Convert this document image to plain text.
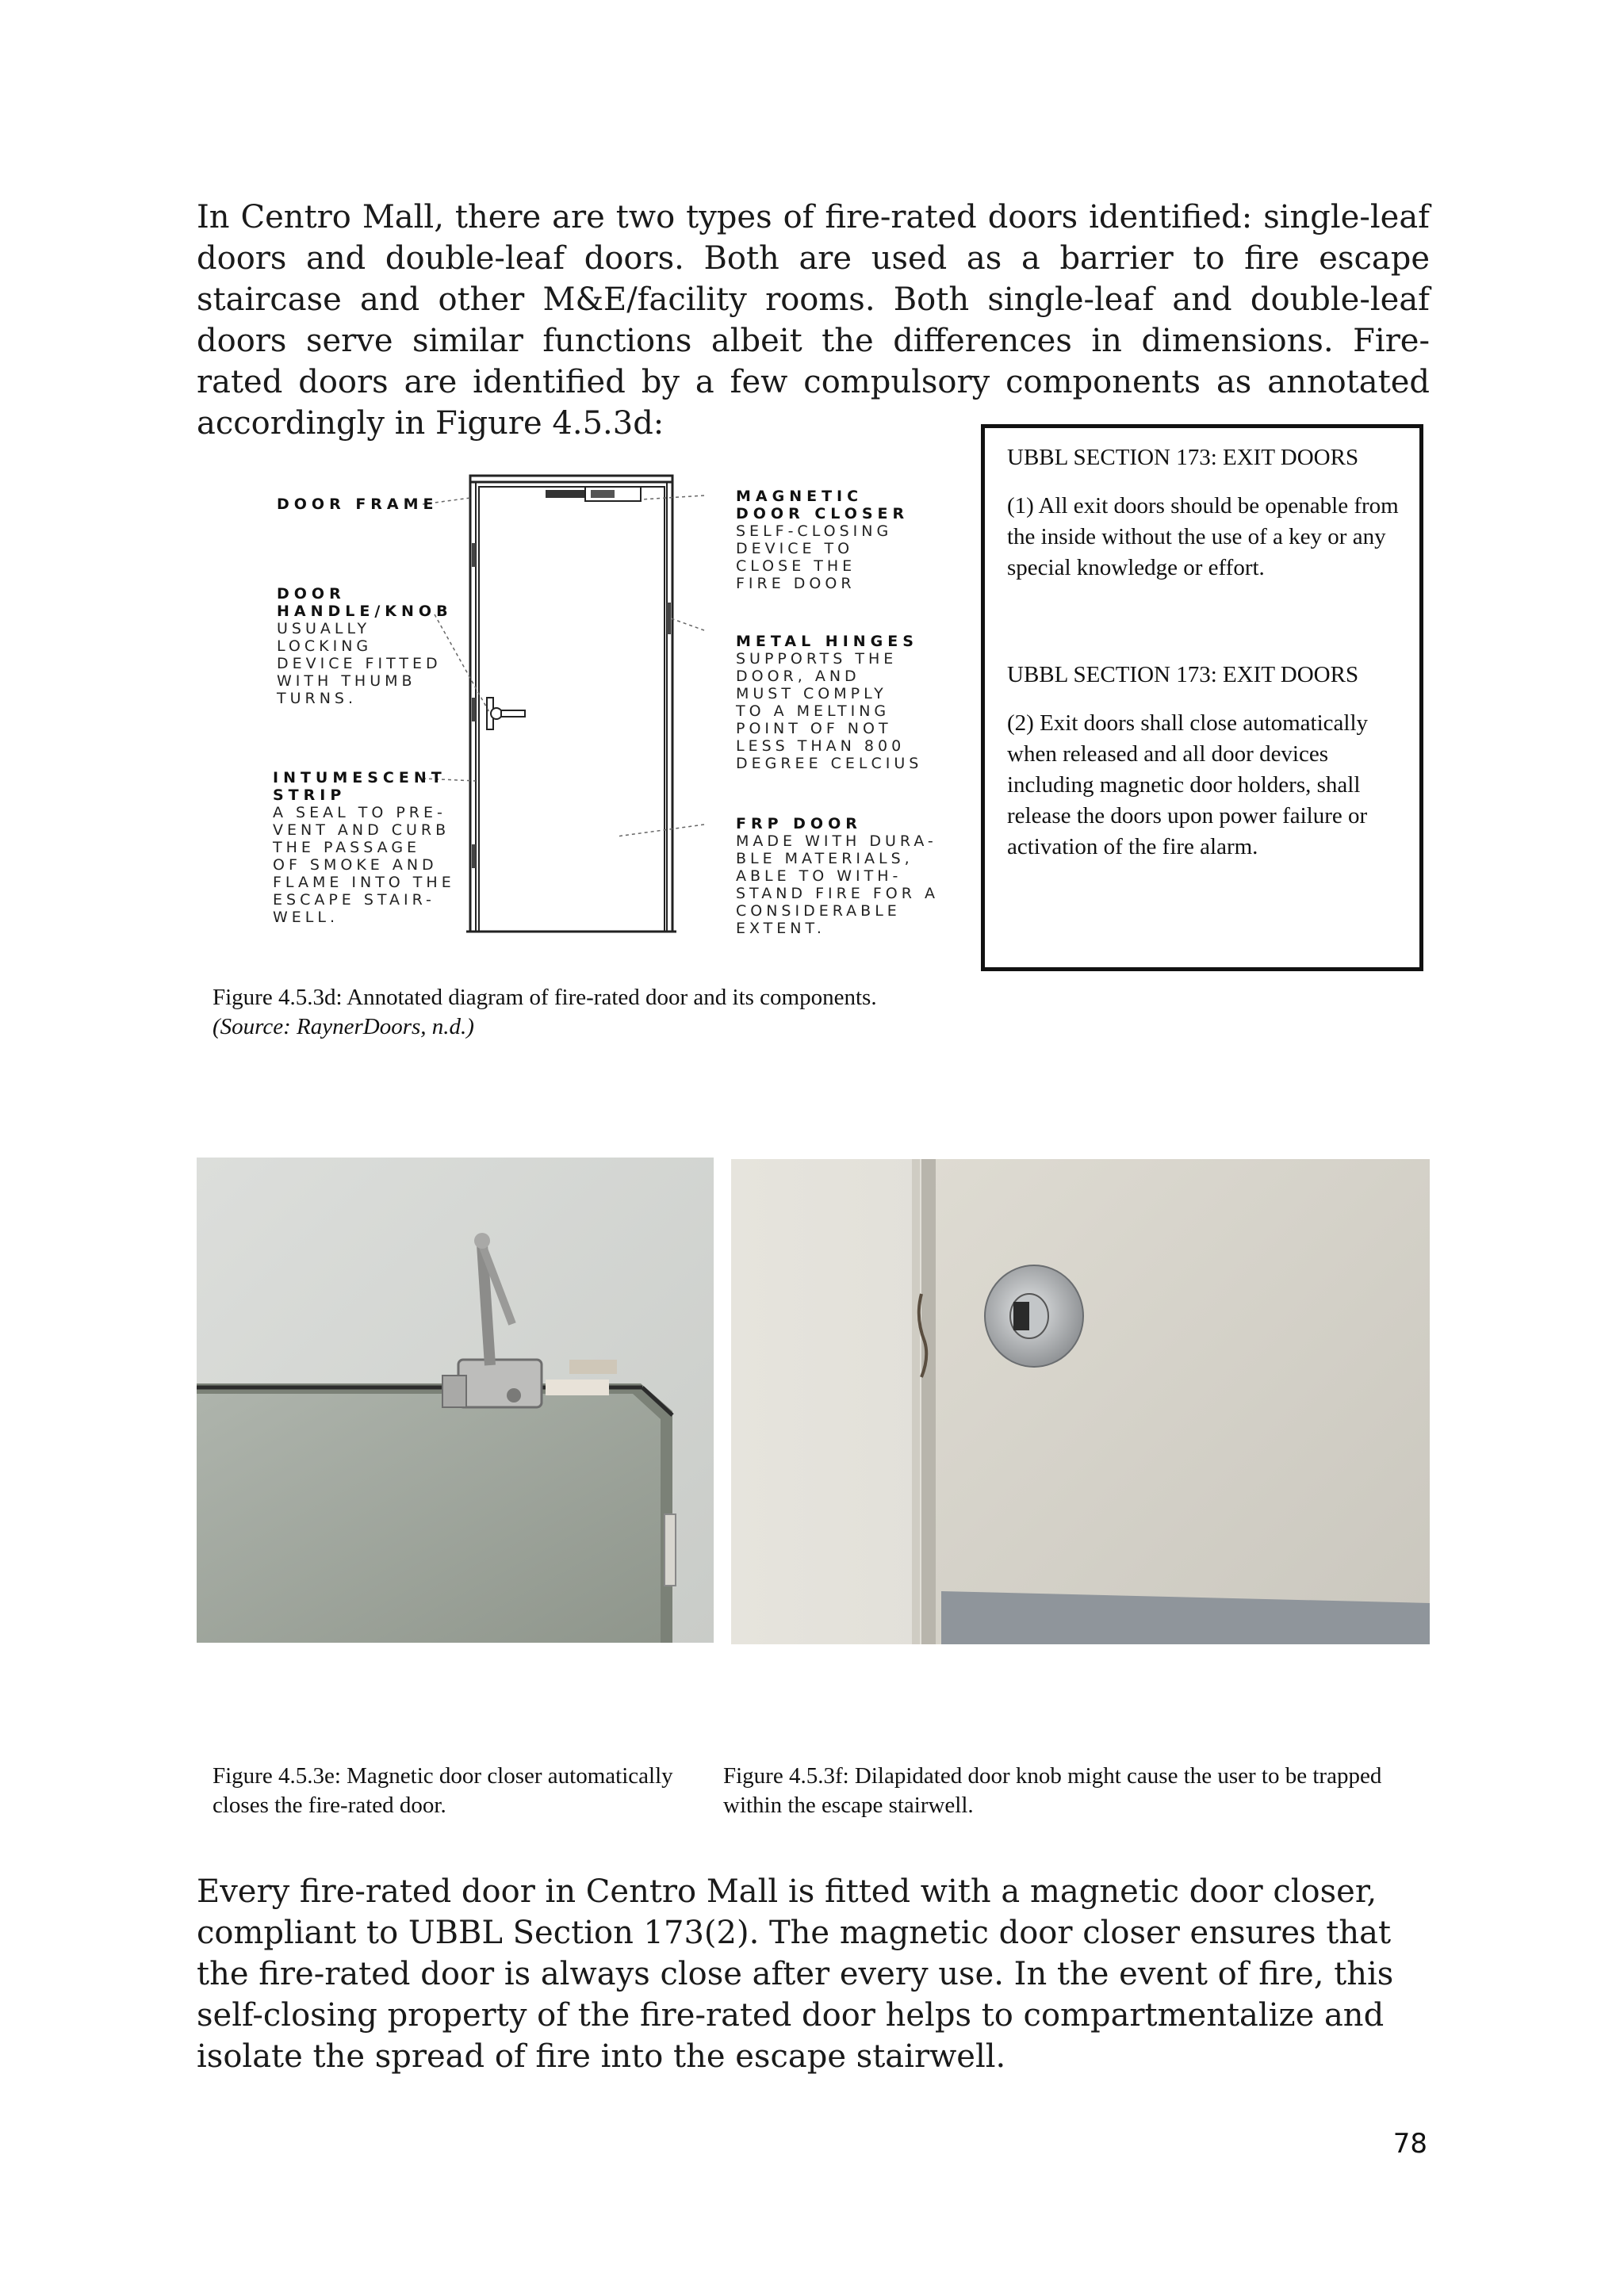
In Centro Mall, there are two types of fire-rated doors identified: single-leaf doors and double-leaf doors. Both are used as a barrier to fire escape staircase and other M&E/facility rooms. Both single-leaf and double-leaf doors serve similar functions albeit the differences in dimensions. Fire-rated doors are identified by a few compulsory components as annotated accordingly in Figure 4.5.3d:

DOOR FRAME
DOOR
HANDLE/KNOB
USUALLY
LOCKING
DEVICE FITTED
WITH THUMB
TURNS.
INTUMESCENT
STRIP
A SEAL TO PRE-
VENT AND CURB
THE PASSAGE
OF SMOKE AND
FLAME INTO THE
ESCAPE STAIR-
WELL.
MAGNETIC
DOOR CLOSER
SELF-CLOSING
DEVICE TO
CLOSE THE
FIRE DOOR
METAL HINGES
SUPPORTS THE
DOOR, AND
MUST COMPLY
TO A MELTING
POINT OF NOT
LESS THAN 800
DEGREE CELCIUS
FRP DOOR
MADE WITH DURA-
BLE MATERIALS,
ABLE TO WITH-
STAND FIRE FOR A
CONSIDERABLE
EXTENT.

UBBL SECTION 173: EXIT DOORS

(1) All exit doors should be openable from the inside without the use of a key or any special knowledge or effort.

UBBL SECTION 173: EXIT DOORS

(2) Exit doors shall close automatically when released and all door devices including magnetic door holders, shall release the doors upon power failure or activation of the fire alarm.

Figure 4.5.3d: Annotated diagram of fire-rated door and its components.
(Source: RaynerDoors, n.d.)
Figure 4.5.3e: Magnetic door closer automatically closes the fire-rated door.
Figure 4.5.3f: Dilapidated door knob might cause the user to be trapped within the escape stairwell.

Every fire-rated door in Centro Mall is fitted with a magnetic door closer, compliant to UBBL Section 173(2). The magnetic door closer ensures that the fire-rated door is always close after every use. In the event of fire, this self-closing property of the fire-rated door helps to compartmentalize and isolate the spread of fire into the escape stairwell.

78
